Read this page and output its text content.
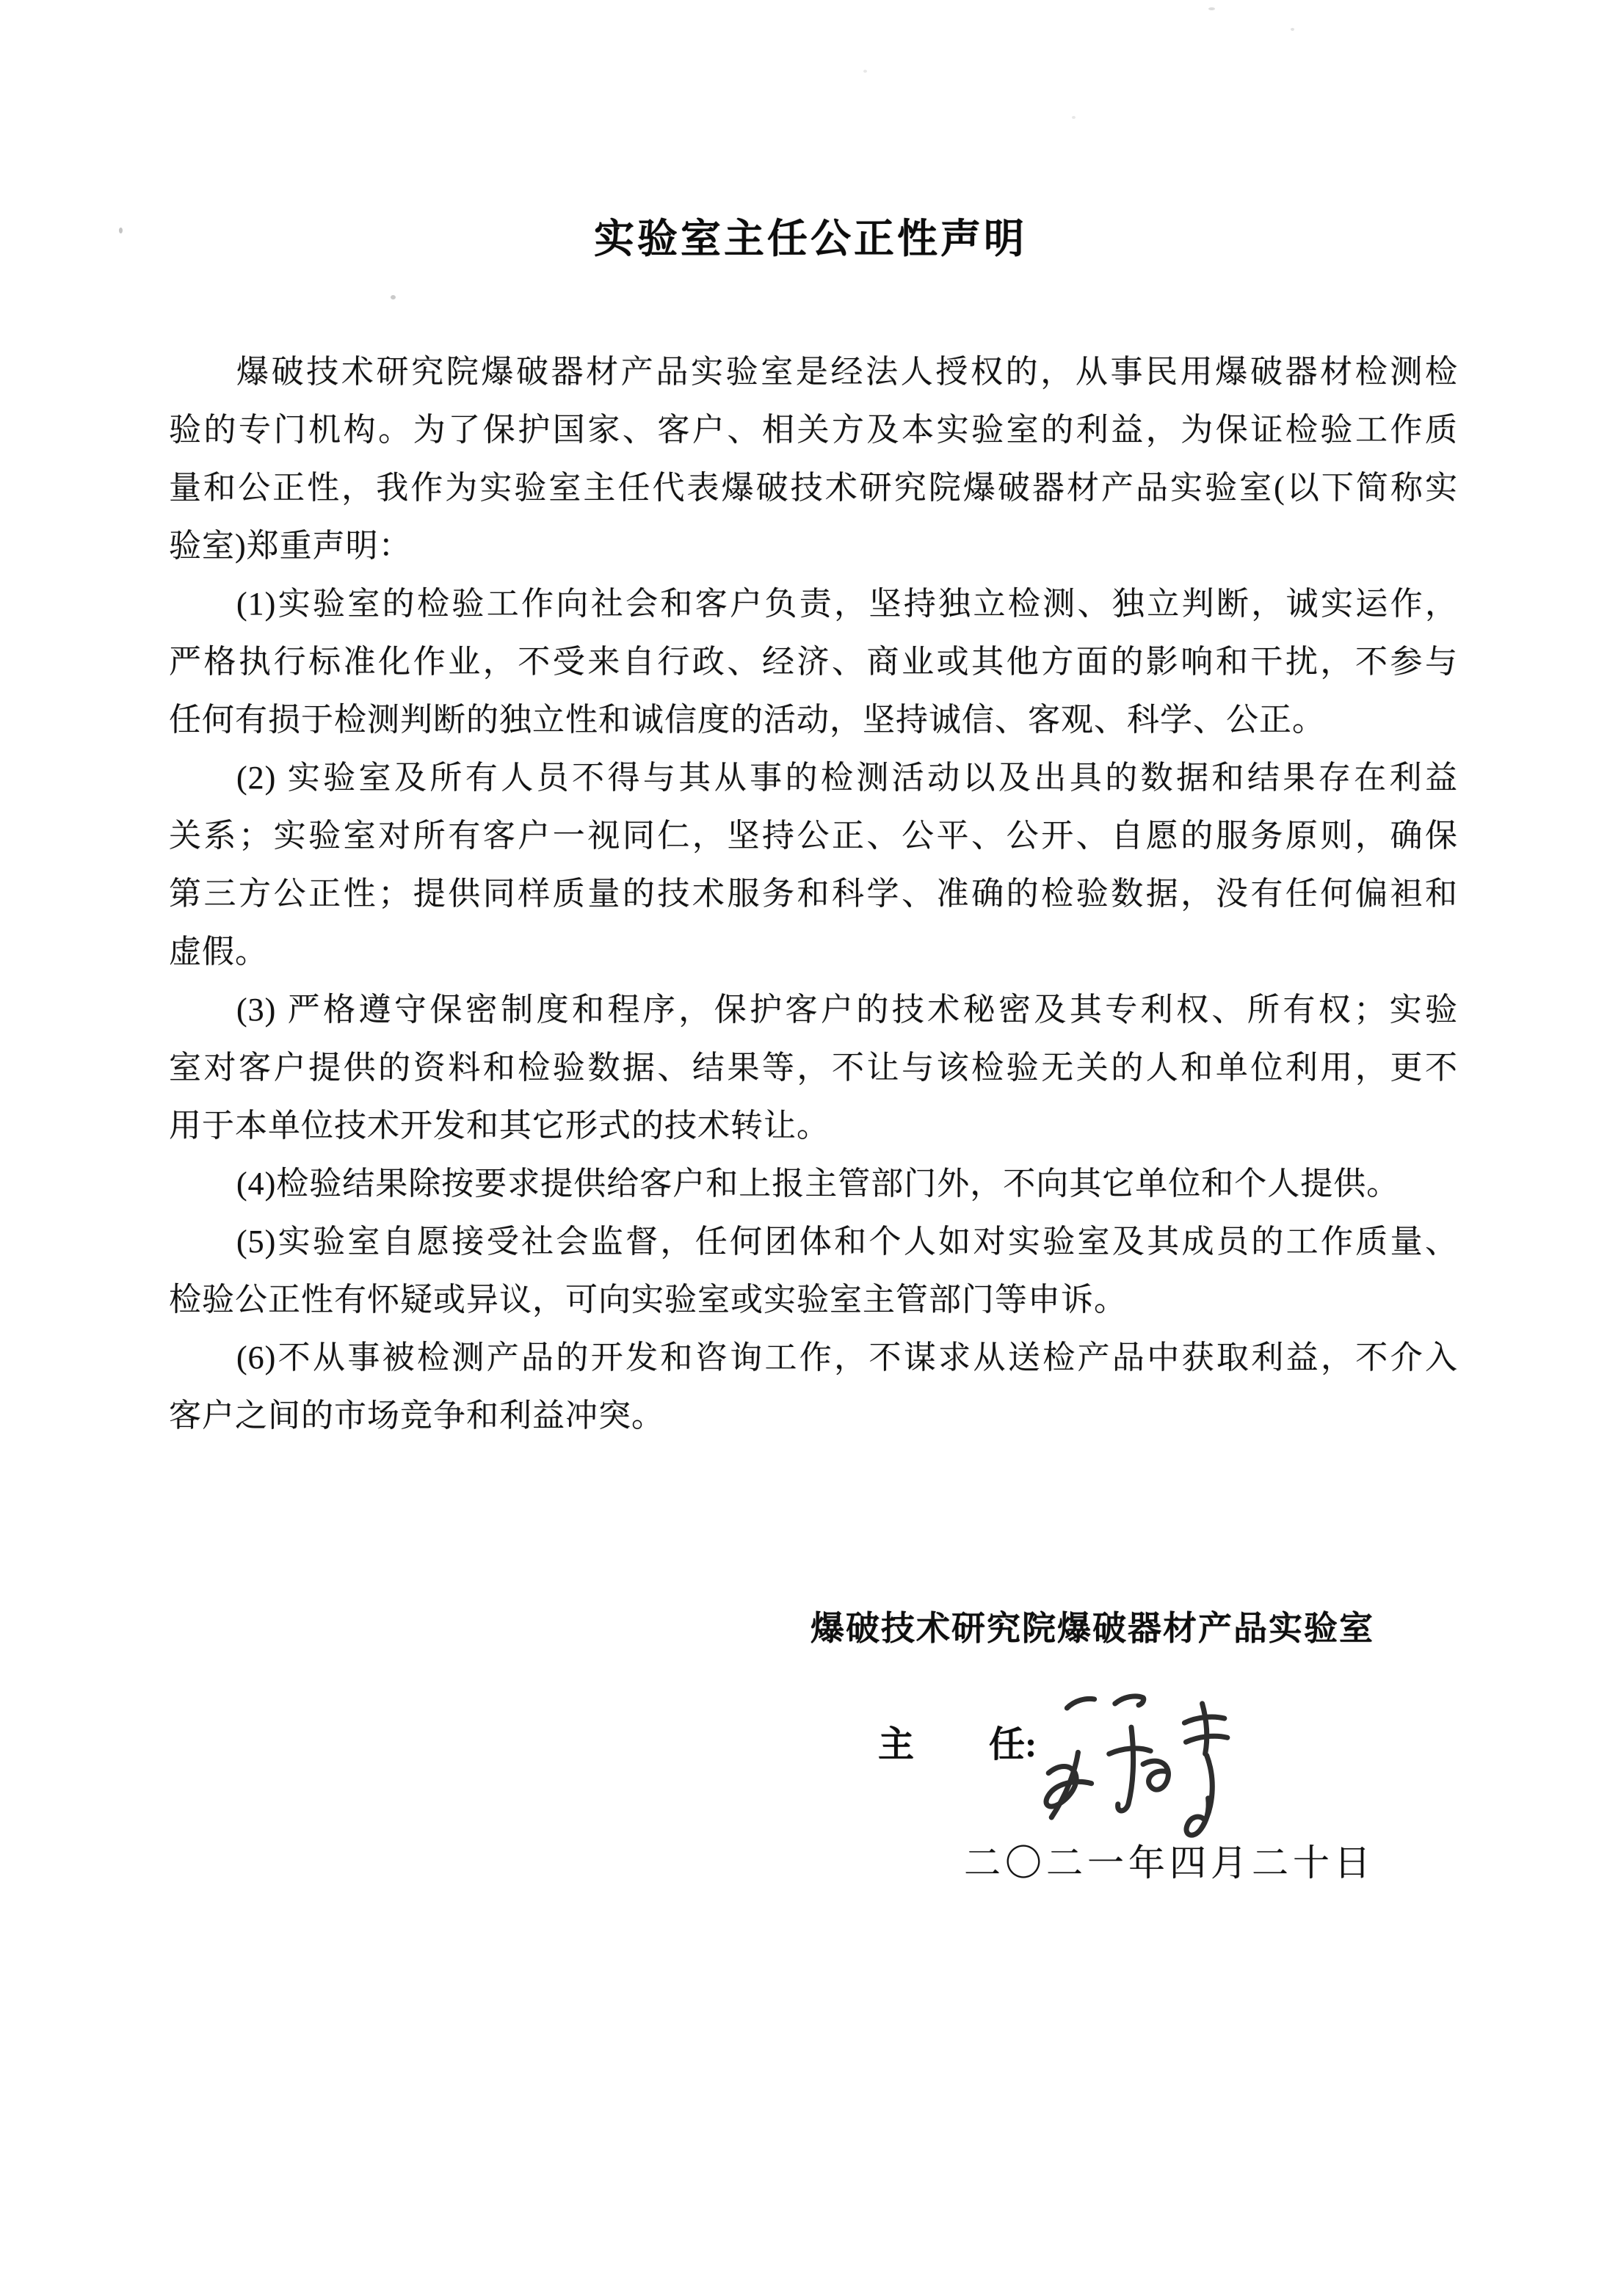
实验室主任公正性声明
爆破技术研究院爆破器材产品实验室是经法人授权的，从事民用爆破器材检测检
验的专门机构。为了保护国家、客户、相关方及本实验室的利益，为保证检验工作质
量和公正性，我作为实验室主任代表爆破技术研究院爆破器材产品实验室(以下简称实
验室)郑重声明：
(1)实验室的检验工作向社会和客户负责，坚持独立检测、独立判断，诚实运作，
严格执行标准化作业，不受来自行政、经济、商业或其他方面的影响和干扰，不参与
任何有损于检测判断的独立性和诚信度的活动，坚持诚信、客观、科学、公正。
(2) 实验室及所有人员不得与其从事的检测活动以及出具的数据和结果存在利益
关系；实验室对所有客户一视同仁，坚持公正、公平、公开、自愿的服务原则，确保
第三方公正性；提供同样质量的技术服务和科学、准确的检验数据，没有任何偏袒和
虚假。
(3) 严格遵守保密制度和程序，保护客户的技术秘密及其专利权、所有权；实验
室对客户提供的资料和检验数据、结果等，不让与该检验无关的人和单位利用，更不
用于本单位技术开发和其它形式的技术转让。
(4)检验结果除按要求提供给客户和上报主管部门外，不向其它单位和个人提供。
(5)实验室自愿接受社会监督，任何团体和个人如对实验室及其成员的工作质量、
检验公正性有怀疑或异议，可向实验室或实验室主管部门等申诉。
(6)不从事被检测产品的开发和咨询工作，不谋求从送检产品中获取利益，不介入
客户之间的市场竞争和利益冲突。
爆破技术研究院爆破器材产品实验室
主 任:
二〇二一年四月二十日
